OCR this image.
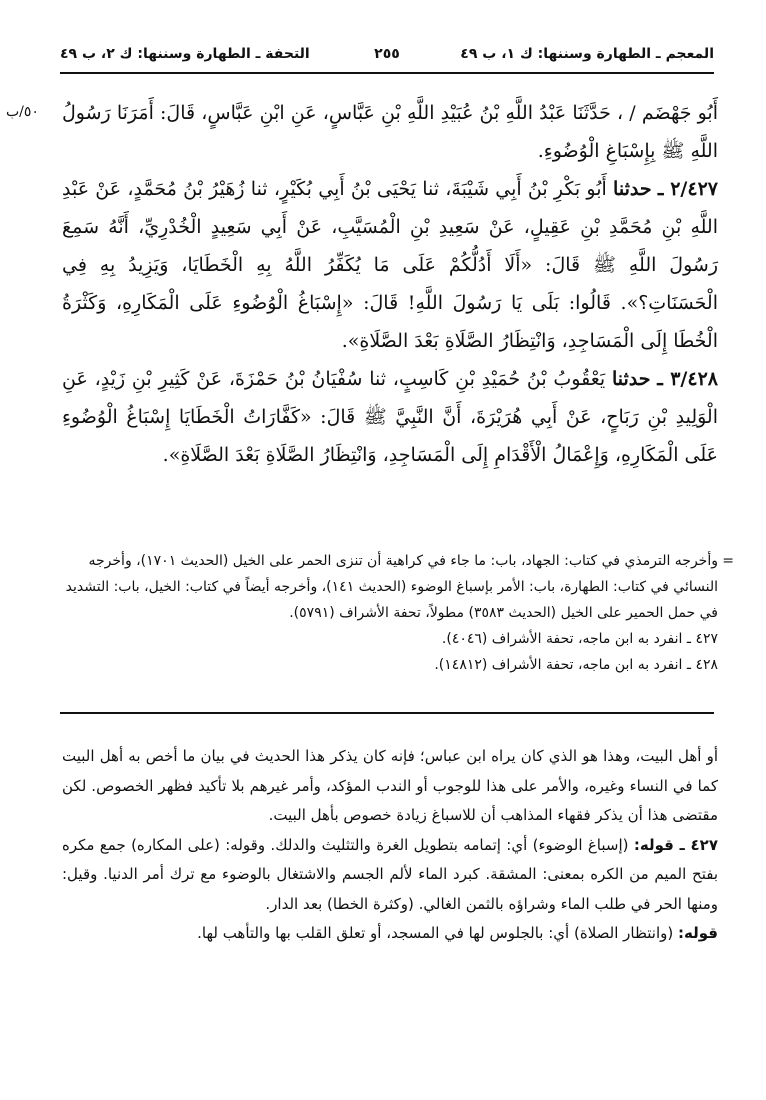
المعجم ـ الطهارة وسننها: ك ١، ب ٤٩
٢٥٥
التحفة ـ الطهارة وسننها: ك ٢، ب ٤٩
٥٠/ب أَبُو جَهْضَم / ، حَدَّثَنَا عَبْدُ اللَّهِ بْنُ عُبَيْدِ اللَّهِ بْنِ عَبَّاسٍ، عَنِ ابْنِ عَبَّاسٍ، قَالَ: أَمَرَنَا رَسُولُ اللَّهِ ﷺ بِإِسْبَاغِ الْوُضُوءِ.

٢/٤٢٧ ـ حدثنا أَبُو بَكْرِ بْنُ أَبِي شَيْبَةَ، ثنا يَحْيَى بْنُ أَبِي بُكَيْرٍ، ثنا زُهَيْرُ بْنُ مُحَمَّدٍ، عَنْ عَبْدِ اللَّهِ بْنِ مُحَمَّدِ بْنِ عَقِيلٍ، عَنْ سَعِيدِ بْنِ الْمُسَيَّبِ، عَنْ أَبِي سَعِيدٍ الْخُدْرِيِّ، أَنَّهُ سَمِعَ رَسُولَ اللَّهِ ﷺ قَالَ: «أَلَا أَدُلُّكُمْ عَلَى مَا يُكَفِّرُ اللَّهُ بِهِ الْخَطَايَا، وَيَزِيدُ بِهِ فِي الْحَسَنَاتِ؟». قَالُوا: بَلَى يَا رَسُولَ اللَّهِ! قَالَ: «إِسْبَاغُ الْوُضُوءِ عَلَى الْمَكَارِهِ، وَكَثْرَةُ الْخُطَا إِلَى الْمَسَاجِدِ، وَانْتِظَارُ الصَّلَاةِ بَعْدَ الصَّلَاةِ».

٣/٤٢٨ ـ حدثنا يَعْقُوبُ بْنُ حُمَيْدِ بْنِ كَاسِبٍ، ثنا سُفْيَانُ بْنُ حَمْزَةَ، عَنْ كَثِيرِ بْنِ زَيْدٍ، عَنِ الْوَلِيدِ بْنِ رَبَاحٍ، عَنْ أَبِي هُرَيْرَةَ، أَنَّ النَّبِيَّ ﷺ قَالَ: «كَفَّارَاتُ الْخَطَايَا إِسْبَاغُ الْوُضُوءِ عَلَى الْمَكَارِهِ، وَإِعْمَالُ الْأَقْدَامِ إِلَى الْمَسَاجِدِ، وَانْتِظَارُ الصَّلَاةِ بَعْدَ الصَّلَاةِ».

=

وأخرجه الترمذي في كتاب: الجهاد، باب: ما جاء في كراهية أن تنزى الحمر على الخيل (الحديث ١٧٠١)، وأخرجه النسائي في كتاب: الطهارة، باب: الأمر بإسباغ الوضوء (الحديث ١٤١)، وأخرجه أيضاً في كتاب: الخيل، باب: التشديد في حمل الحمير على الخيل (الحديث ٣٥٨٣) مطولاً، تحفة الأشراف (٥٧٩١).

٤٢٧ ـ انفرد به ابن ماجه، تحفة الأشراف (٤٠٤٦).

٤٢٨ ـ انفرد به ابن ماجه، تحفة الأشراف (١٤٨١٢).

أو أهل البيت، وهذا هو الذي كان يراه ابن عباس؛ فإنه كان يذكر هذا الحديث في بيان ما أخص به أهل البيت كما في النساء وغيره، والأمر على هذا للوجوب أو الندب المؤكد، وأمر غيرهم بلا تأكيد فظهر الخصوص. لكن مقتضى هذا أن يذكر فقهاء المذاهب أن للاسباغ زيادة خصوص بأهل البيت.

٤٢٧ ـ قوله: (إسباغ الوضوء) أي: إتمامه بتطويل الغرة والتثليث والدلك. وقوله: (على المكاره) جمع مكره بفتح الميم من الكره بمعنى: المشقة. كبرد الماء لألم الجسم والاشتغال بالوضوء مع ترك أمر الدنيا. وقيل: ومنها الحر في طلب الماء وشراؤه بالثمن الغالي. (وكثرة الخطا) بعد الدار.

قوله: (وانتظار الصلاة) أي: بالجلوس لها في المسجد، أو تعلق القلب بها والتأهب لها.
